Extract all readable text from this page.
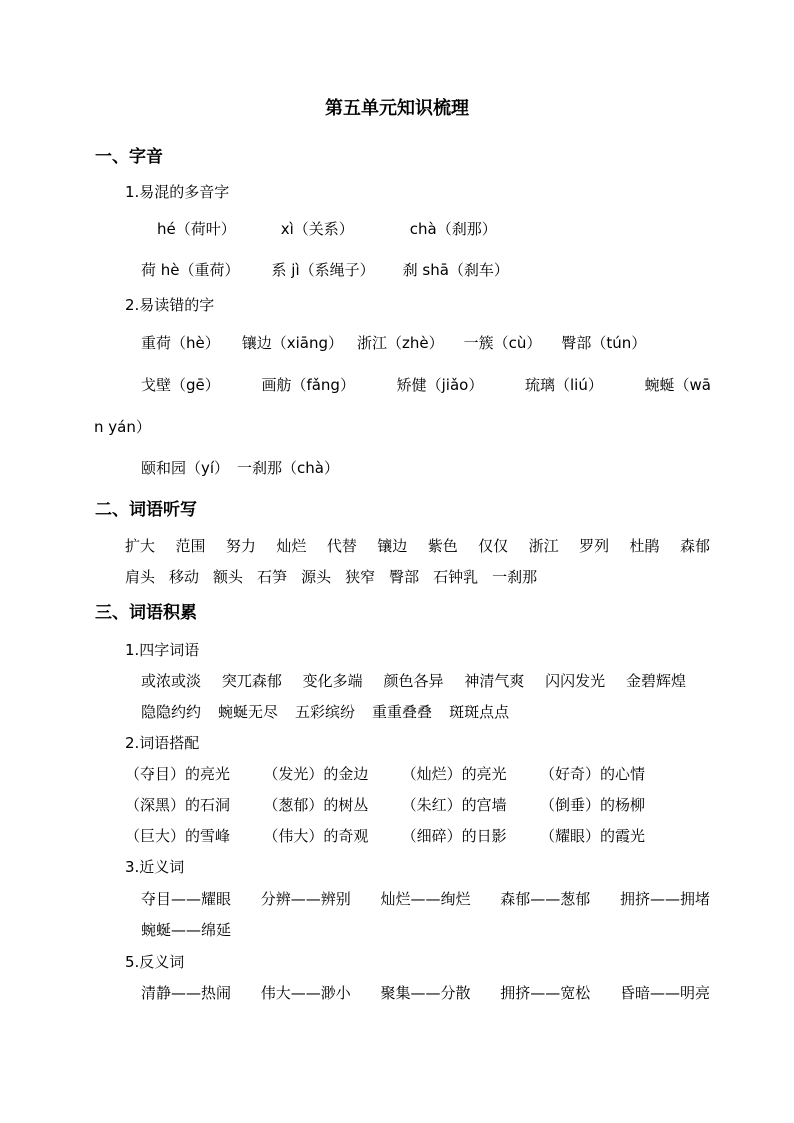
第五单元知识梳理
一、字音
1.易混的多音字
hé（荷叶）	xì（关系）	chà（刹那）
荷 hè（重荷） 系 jì（系绳子） 刹 shā（刹车）
2.易读错的字
重荷（hè） 镶边（xiāng） 浙江（zhè） 一簇（cù） 臀部（tún）
戈壁（gē）	画舫（fǎng）	矫健（jiǎo）	琉璃（liú）	蜿蜒（wā
n yán）
颐和园（yí） 一刹那（chà）
二、词语听写
扩大 范围 努力 灿烂 代替 镶边 紫色 仅仅 浙江 罗列 杜鹃 森郁
肩头 移动 额头 石笋 源头 狭窄 臀部 石钟乳 一刹那
三、词语积累
1.四字词语
或浓或淡 突兀森郁 变化多端 颜色各异 神清气爽 闪闪发光 金碧辉煌
隐隐约约 蜿蜒无尽 五彩缤纷 重重叠叠 斑斑点点
2.词语搭配
（夺目）的亮光 （发光）的金边 （灿烂）的亮光 （好奇）的心情
（深黑）的石洞 （葱郁）的树丛 （朱红）的宫墙 （倒垂）的杨柳
（巨大）的雪峰 （伟大）的奇观 （细碎）的日影 （耀眼）的霞光
3.近义词
夺目——耀眼 分辨——辨别 灿烂——绚烂 森郁——葱郁 拥挤——拥堵
蜿蜒——绵延
5.反义词
清静——热闹 伟大——渺小 聚集——分散 拥挤——宽松 昏暗——明亮
